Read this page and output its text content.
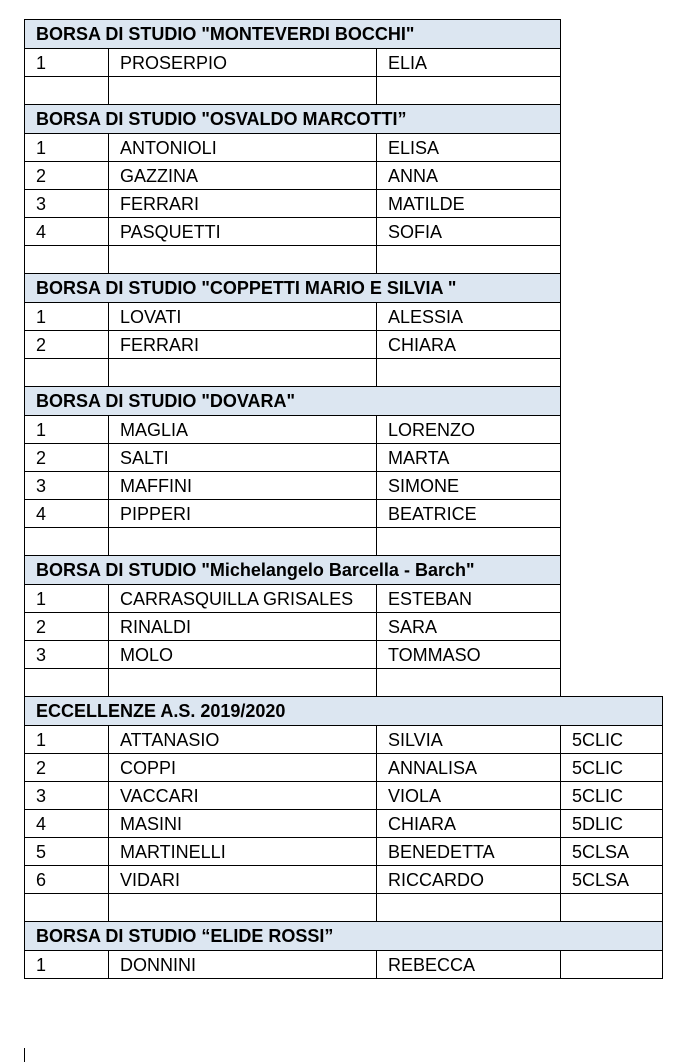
BORSA DI STUDIO "MONTEVERDI BOCCHI"			
1	PROSERPIO	ELIA	

BORSA DI STUDIO "OSVALDO MARCOTTI”			
1	ANTONIOLI	ELISA	
2	GAZZINA	ANNA	
3	FERRARI	MATILDE	
4	PASQUETTI	SOFIA	

BORSA DI STUDIO "COPPETTI MARIO E SILVIA "			
1	LOVATI	ALESSIA	
2	FERRARI	CHIARA	

BORSA DI STUDIO "DOVARA"			
1	MAGLIA	LORENZO	
2	SALTI	MARTA	
3	MAFFINI	SIMONE	
4	PIPPERI	BEATRICE	

BORSA DI STUDIO "Michelangelo Barcella - Barch"			
1	CARRASQUILLA GRISALES	ESTEBAN	
2	RINALDI	SARA	
3	MOLO	TOMMASO	

ECCELLENZE A.S. 2019/2020			
1	ATTANASIO	SILVIA	5CLIC
2	COPPI	ANNALISA	5CLIC
3	VACCARI	VIOLA	5CLIC
4	MASINI	CHIARA	5DLIC
5	MARTINELLI	BENEDETTA	5CLSA
6	VIDARI	RICCARDO	5CLSA

BORSA DI STUDIO “ELIDE ROSSI”			
1	DONNINI	REBECCA	
